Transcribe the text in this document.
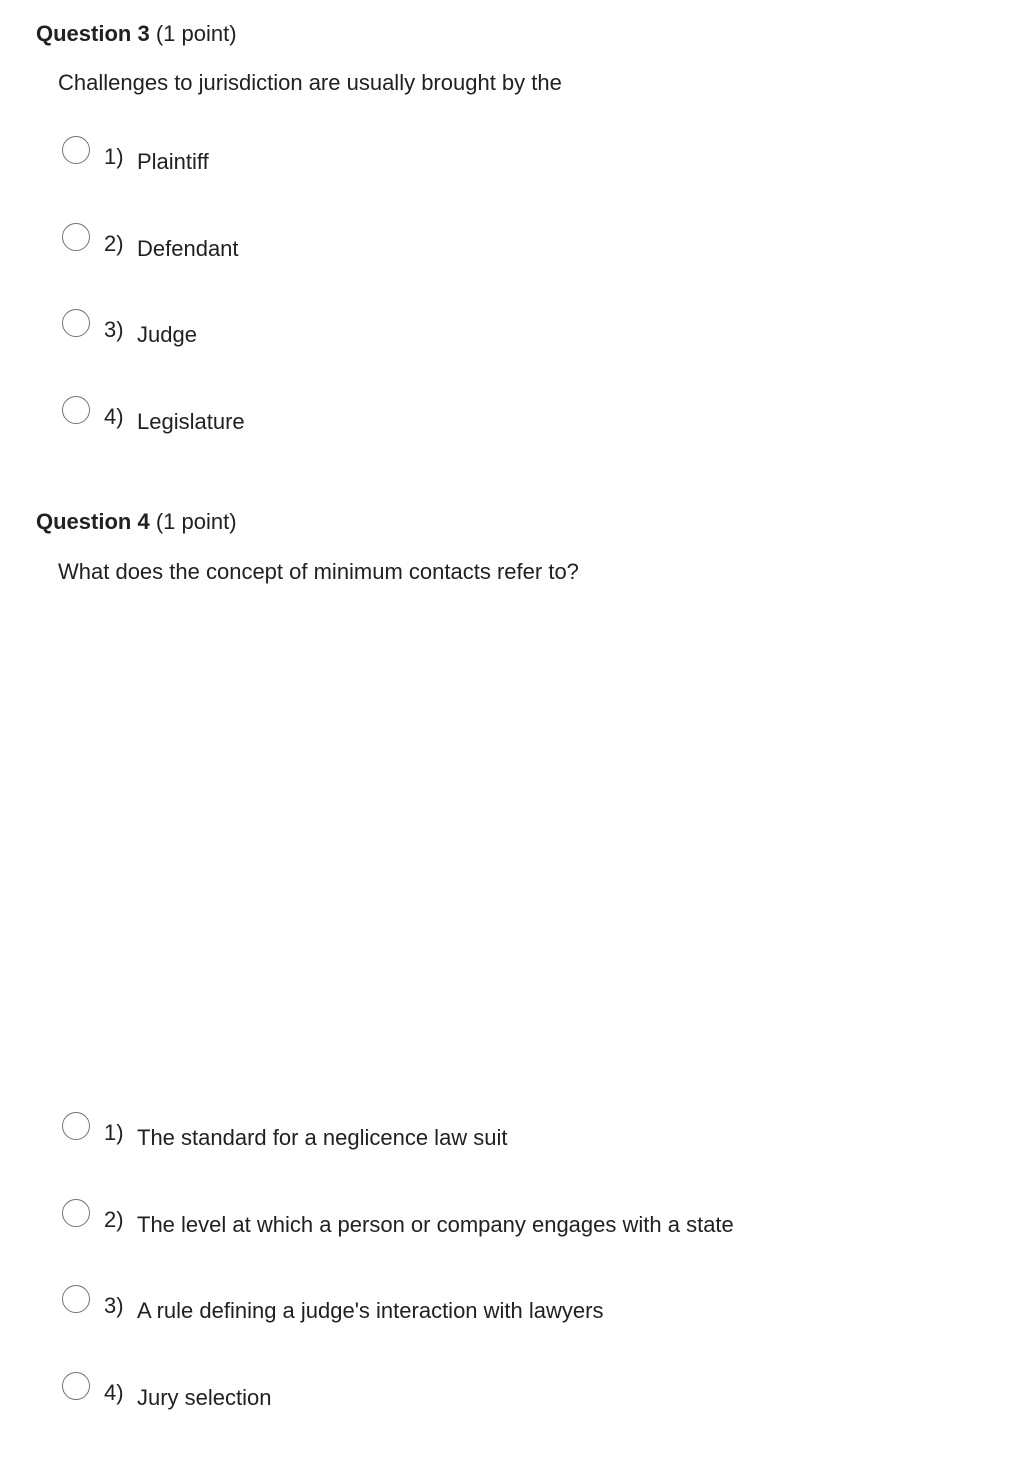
Question 3 (1 point)
Challenges to jurisdiction are usually brought by the
1) Plaintiff
2) Defendant
3) Judge
4) Legislature
Question 4 (1 point)
What does the concept of minimum contacts refer to?
1) The standard for a neglicence law suit
2) The level at which a person or company engages with a state
3) A rule defining a judge's interaction with lawyers
4) Jury selection
